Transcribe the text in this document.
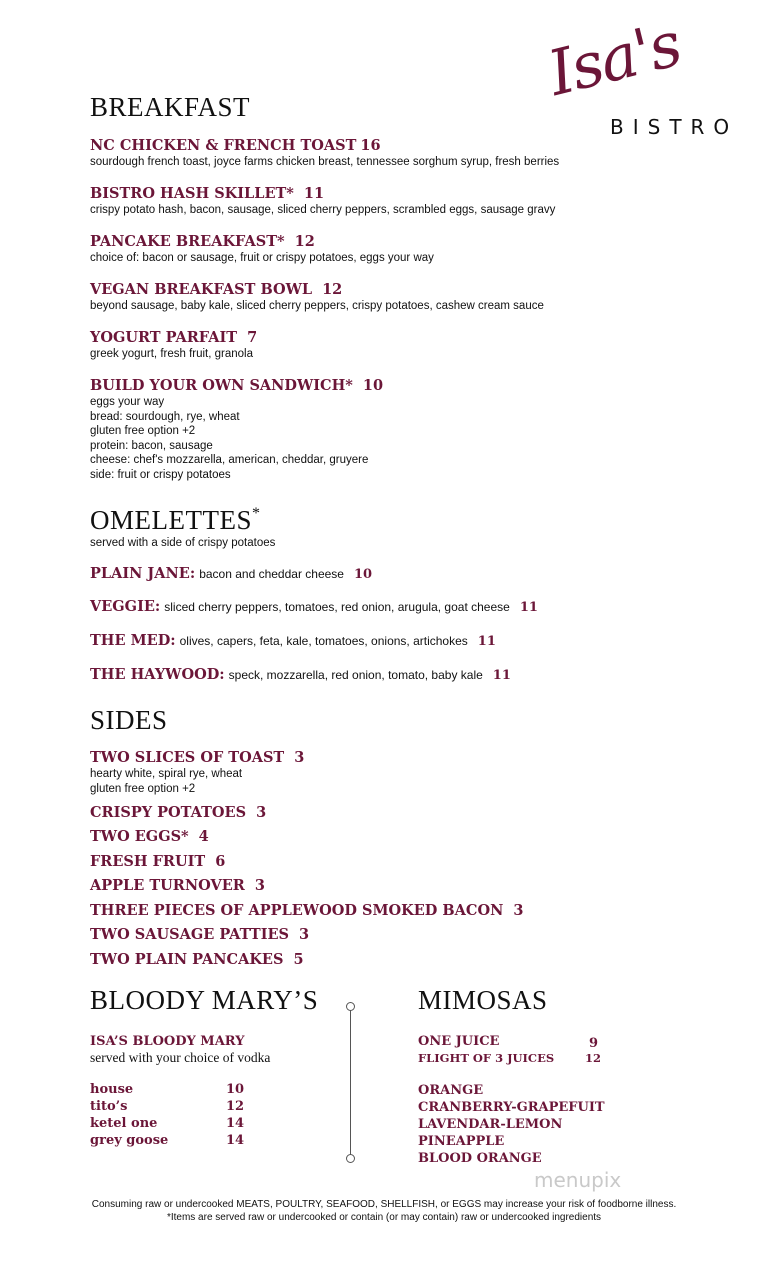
Isa's
BISTRO
BREAKFAST
NC CHICKEN & FRENCH TOAST 16
sourdough french toast, joyce farms chicken breast, tennessee sorghum syrup, fresh berries
BISTRO HASH SKILLET* 11
crispy potato hash, bacon, sausage, sliced cherry peppers, scrambled eggs, sausage gravy
PANCAKE BREAKFAST* 12
choice of: bacon or sausage, fruit or crispy potatoes, eggs your way
VEGAN BREAKFAST BOWL 12
beyond sausage, baby kale, sliced cherry peppers, crispy potatoes, cashew cream sauce
YOGURT PARFAIT 7
greek yogurt, fresh fruit, granola
BUILD YOUR OWN SANDWICH* 10
eggs your way
bread: sourdough, rye, wheat
gluten free option +2
protein: bacon, sausage
cheese: chef's mozzarella, american, cheddar, gruyere
side: fruit or crispy potatoes
OMELETTES*
served with a side of crispy potatoes
PLAIN JANE: bacon and cheddar cheese 10
VEGGIE: sliced cherry peppers, tomatoes, red onion, arugula, goat cheese 11
THE MED: olives, capers, feta, kale, tomatoes, onions, artichokes 11
THE HAYWOOD: speck, mozzarella, red onion, tomato, baby kale 11
SIDES
TWO SLICES OF TOAST 3
hearty white, spiral rye, wheat
gluten free option +2
CRISPY POTATOES 3
TWO EGGS* 4
FRESH FRUIT 6
APPLE TURNOVER 3
THREE PIECES OF APPLEWOOD SMOKED BACON 3
TWO SAUSAGE PATTIES 3
TWO PLAIN PANCAKES 5
BLOODY MARY’S
ISA’S BLOODY MARY
served with your choice of vodka
house	10
tito’s	12
ketel one	14
grey goose	14
MIMOSAS
ONE JUICE	9
FLIGHT OF 3 JUICES	12
ORANGE
CRANBERRY-GRAPEFUIT
LAVENDAR-LEMON
PINEAPPLE
BLOOD ORANGE
menupix
Consuming raw or undercooked MEATS, POULTRY, SEAFOOD, SHELLFISH, or EGGS may increase your risk of foodborne illness.
*Items are served raw or undercooked or contain (or may contain) raw or undercooked ingredients
